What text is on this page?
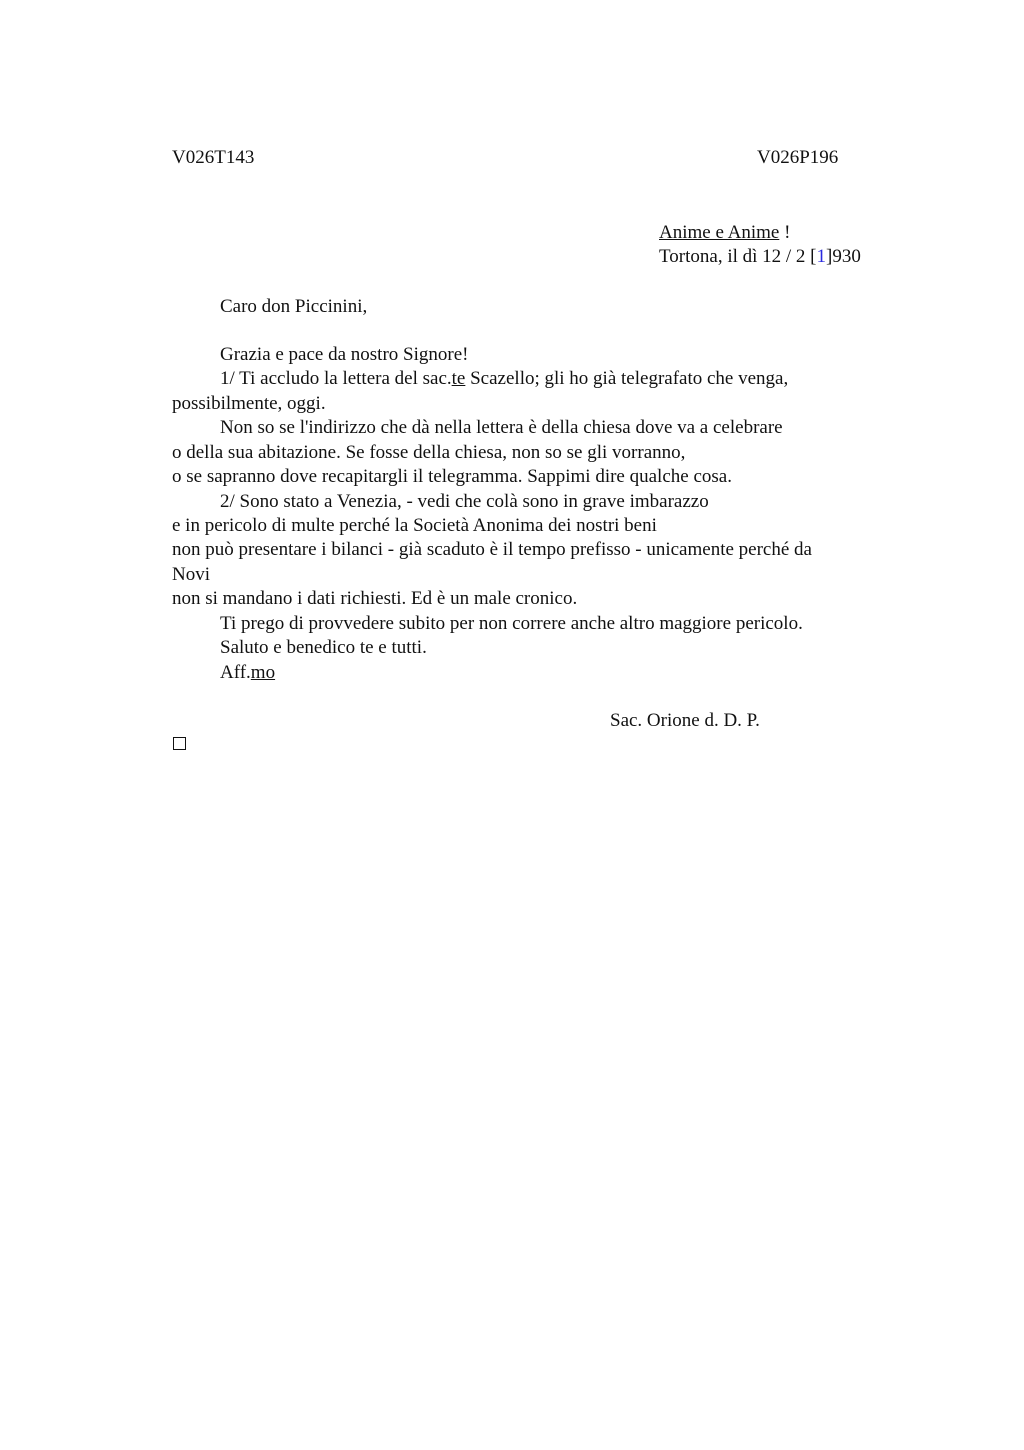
V026T143	V026P196
Anime e Anime !
Tortona, il dì 12 / 2 [1]930
Caro don Piccinini,
Grazia e pace da nostro Signore!
1/ Ti accludo la lettera del sac.te Scazello; gli ho già telegrafato che venga,
possibilmente, oggi.
Non so se l'indirizzo che dà nella lettera è della chiesa dove va a celebrare
o della sua abitazione. Se fosse della chiesa, non so se gli vorranno,
o se sapranno dove recapitargli il telegramma. Sappimi dire qualche cosa.
2/ Sono stato a Venezia, - vedi che colà sono in grave imbarazzo
e in pericolo di multe perché la Società Anonima dei nostri beni
non può presentare i bilanci - già scaduto è il tempo prefisso - unicamente perché da
Novi
non si mandano i dati richiesti. Ed è un male cronico.
Ti prego di provvedere subito per non correre anche altro maggiore pericolo.
Saluto e benedico te e tutti.
Aff.mo
Sac. Orione d. D. P.
